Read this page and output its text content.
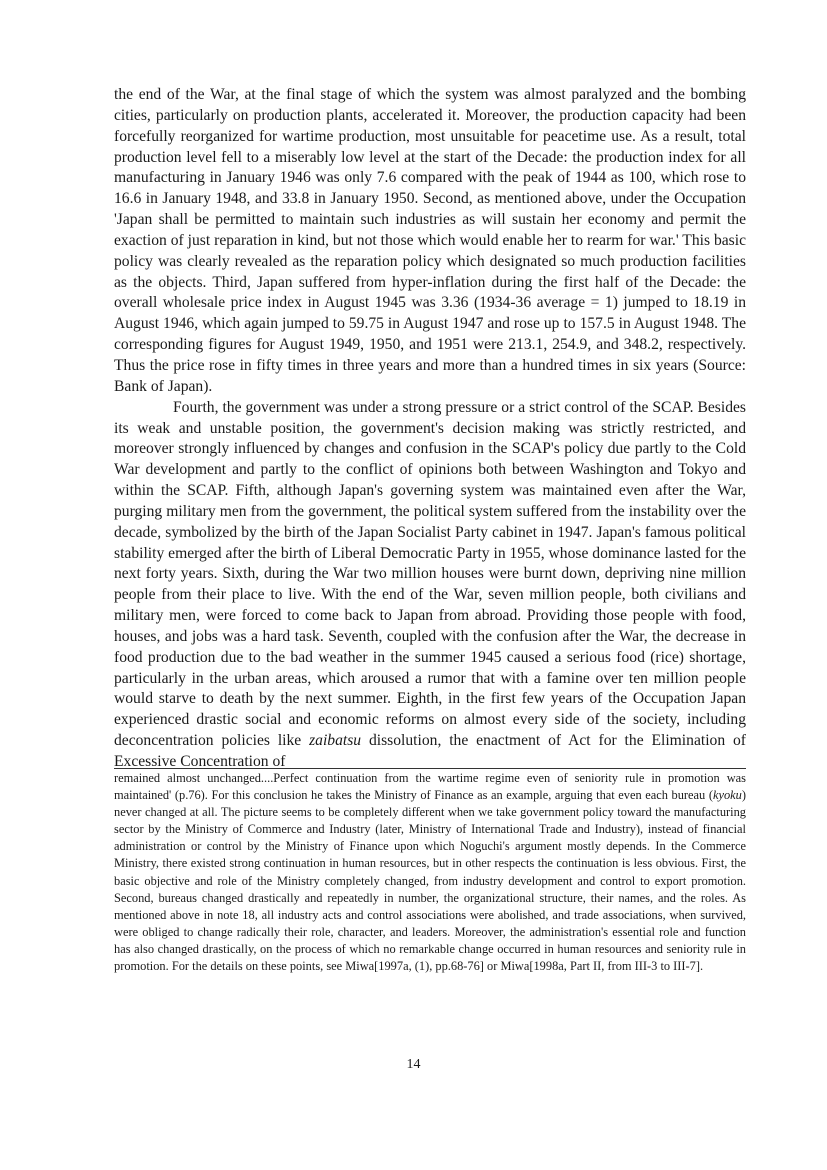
the end of the War, at the final stage of which the system was almost paralyzed and the bombing cities, particularly on production plants, accelerated it. Moreover, the production capacity had been forcefully reorganized for wartime production, most unsuitable for peacetime use. As a result, total production level fell to a miserably low level at the start of the Decade: the production index for all manufacturing in January 1946 was only 7.6 compared with the peak of 1944 as 100, which rose to 16.6 in January 1948, and 33.8 in January 1950. Second, as mentioned above, under the Occupation 'Japan shall be permitted to maintain such industries as will sustain her economy and permit the exaction of just reparation in kind, but not those which would enable her to rearm for war.' This basic policy was clearly revealed as the reparation policy which designated so much production facilities as the objects. Third, Japan suffered from hyper-inflation during the first half of the Decade: the overall wholesale price index in August 1945 was 3.36 (1934-36 average = 1) jumped to 18.19 in August 1946, which again jumped to 59.75 in August 1947 and rose up to 157.5 in August 1948. The corresponding figures for August 1949, 1950, and 1951 were 213.1, 254.9, and 348.2, respectively. Thus the price rose in fifty times in three years and more than a hundred times in six years (Source: Bank of Japan).

Fourth, the government was under a strong pressure or a strict control of the SCAP. Besides its weak and unstable position, the government's decision making was strictly restricted, and moreover strongly influenced by changes and confusion in the SCAP's policy due partly to the Cold War development and partly to the conflict of opinions both between Washington and Tokyo and within the SCAP. Fifth, although Japan's governing system was maintained even after the War, purging military men from the government, the political system suffered from the instability over the decade, symbolized by the birth of the Japan Socialist Party cabinet in 1947. Japan's famous political stability emerged after the birth of Liberal Democratic Party in 1955, whose dominance lasted for the next forty years. Sixth, during the War two million houses were burnt down, depriving nine million people from their place to live. With the end of the War, seven million people, both civilians and military men, were forced to come back to Japan from abroad. Providing those people with food, houses, and jobs was a hard task. Seventh, coupled with the confusion after the War, the decrease in food production due to the bad weather in the summer 1945 caused a serious food (rice) shortage, particularly in the urban areas, which aroused a rumor that with a famine over ten million people would starve to death by the next summer. Eighth, in the first few years of the Occupation Japan experienced drastic social and economic reforms on almost every side of the society, including deconcentration policies like zaibatsu dissolution, the enactment of Act for the Elimination of Excessive Concentration of

remained almost unchanged....Perfect continuation from the wartime regime even of seniority rule in promotion was maintained' (p.76). For this conclusion he takes the Ministry of Finance as an example, arguing that even each bureau (kyoku) never changed at all. The picture seems to be completely different when we take government policy toward the manufacturing sector by the Ministry of Commerce and Industry (later, Ministry of International Trade and Industry), instead of financial administration or control by the Ministry of Finance upon which Noguchi's argument mostly depends. In the Commerce Ministry, there existed strong continuation in human resources, but in other respects the continuation is less obvious. First, the basic objective and role of the Ministry completely changed, from industry development and control to export promotion. Second, bureaus changed drastically and repeatedly in number, the organizational structure, their names, and the roles. As mentioned above in note 18, all industry acts and control associations were abolished, and trade associations, when survived, were obliged to change radically their role, character, and leaders. Moreover, the administration's essential role and function has also changed drastically, on the process of which no remarkable change occurred in human resources and seniority rule in promotion. For the details on these points, see Miwa[1997a, (1), pp.68-76] or Miwa[1998a, Part II, from III-3 to III-7].

14
